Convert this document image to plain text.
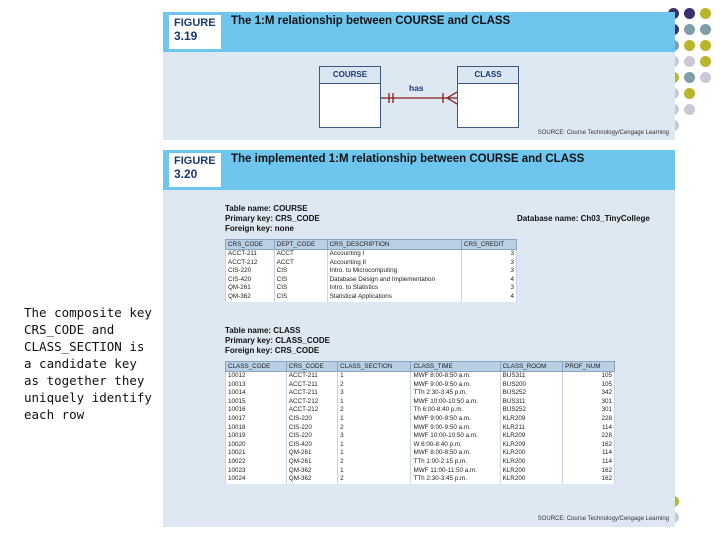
The composite key CRS_CODE and CLASS_SECTION is a candidate key as together they uniquely identify each row
FIGURE
3.19
The 1:M relationship between COURSE and CLASS
COURSE	CLASS
has
SOURCE: Course Technology/Cengage Learning
FIGURE
3.20
The implemented 1:M relationship between COURSE and CLASS
Table name: COURSE
Primary key: CRS_CODE
Foreign key: none
Database name: Ch03_TinyCollege
CRS_CODE	DEPT_CODE	CRS_DESCRIPTION	CRS_CREDIT
ACCT-211	ACCT	Accounting I	3
ACCT-212	ACCT	Accounting II	3
CIS-220	CIS	Intro. to Microcomputing	3
CIS-420	CIS	Database Design and Implementation	4
QM-261	CIS	Intro. to Statistics	3
QM-362	CIS	Statistical Applications	4
Table name: CLASS
Primary key: CLASS_CODE
Foreign key: CRS_CODE
CLASS_CODE	CRS_CODE	CLASS_SECTION	CLASS_TIME	CLASS_ROOM	PROF_NUM
10012	ACCT-211	1	MWF 8:00-8:50 a.m.	BUS311	105
10013	ACCT-211	2	MWF 9:00-9:50 a.m.	BUS200	105
10014	ACCT-211	3	TTh 2:30-3:45 p.m.	BUS252	342
10015	ACCT-212	1	MWF 10:00-10:50 a.m.	BUS311	301
10016	ACCT-212	2	Th 6:00-8:40 p.m.	BUS252	301
10017	CIS-220	1	MWF 9:00-9:50 a.m.	KLR209	228
10018	CIS-220	2	MWF 9:00-9:50 a.m.	KLR211	114
10019	CIS-220	3	MWF 10:00-10:50 a.m.	KLR209	228
10020	CIS-420	1	W 6:00-8:40 p.m.	KLR209	162
10021	QM-261	1	MWF 8:00-8:50 a.m.	KLR200	114
10022	QM-261	2	TTh 1:00-2:15 p.m.	KLR200	114
10023	QM-362	1	MWF 11:00-11:50 a.m.	KLR200	162
10024	QM-362	2	TTh 2:30-3:45 p.m.	KLR200	162
SOURCE: Course Technology/Cengage Learning
